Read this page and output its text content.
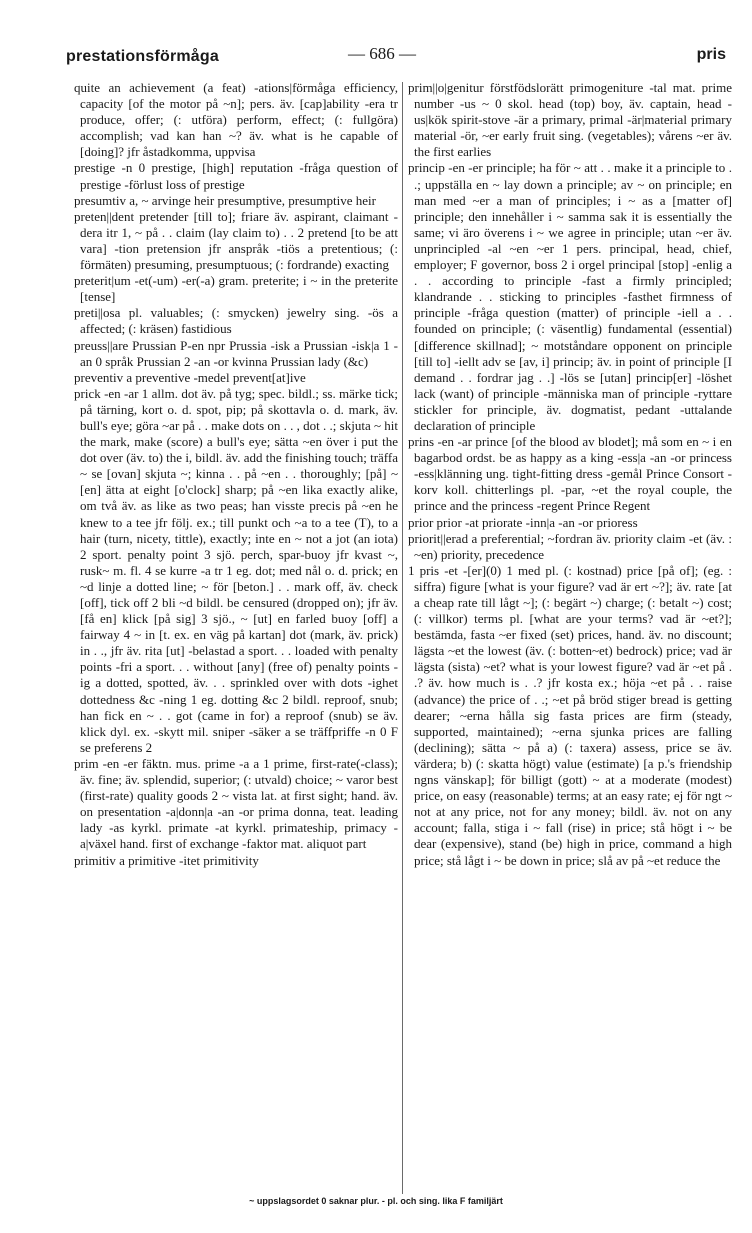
prestationsförmåga	— 686 —	pris

quite an achievement (a feat) -ations|förmåga efficiency, capacity [of the motor på ~n]; pers. äv. [cap]ability -era tr produce, offer; (: utföra) perform, effect; (: fullgöra) accomplish; vad kan han ~? äv. what is he capable of [doing]? jfr åstadkomma, uppvisa

prestige -n 0 prestige, [high] reputation -fråga question of prestige -förlust loss of prestige

presumtiv a, ~ arvinge heir presumptive, presumptive heir

preten||dent pretender [till to]; friare äv. aspirant, claimant -dera itr 1, ~ på . . claim (lay claim to) . . 2 pretend [to be att vara] -tion pretension jfr anspråk -tiös a pretentious; (: förmäten) presuming, presumptuous; (: fordrande) exacting

preterit|um -et(-um) -er(-a) gram. preterite; i ~ in the preterite [tense]

preti||osa pl. valuables; (: smycken) jewelry sing. -ös a affected; (: kräsen) fastidious

preuss||are Prussian P-en npr Prussia -isk a Prussian -isk|a 1 -an 0 språk Prussian 2 -an -or kvinna Prussian lady (&c)

preventiv a preventive -medel prevent[at]ive

prick -en -ar 1 allm. dot äv. på tyg; spec. bildl.; ss. märke tick; på tärning, kort o. d. spot, pip; på skottavla o. d. mark, äv. bull's eye; göra ~ar på . . make dots on . . , dot . .; skjuta ~ hit the mark, make (score) a bull's eye; sätta ~en över i put the dot over (äv. to) the i, bildl. äv. add the finishing touch; träffa ~ se [ovan] skjuta ~; kinna . . på ~en . . thoroughly; [på] ~[en] ätta at eight [o'clock] sharp; på ~en lika exactly alike, om två äv. as like as two peas; han visste precis på ~en he knew to a tee jfr följ. ex.; till punkt och ~a to a tee (T), to a hair (turn, nicety, tittle), exactly; inte en ~ not a jot (an iota) 2 sport. penalty point 3 sjö. perch, spar-buoy jfr kvast ~, rusk~ m. fl. 4 se kurre -a tr 1 eg. dot; med nål o. d. prick; en ~d linje a dotted line; ~ för [beton.] . . mark off, äv. check [off], tick off 2 bli ~d bildl. be censured (dropped on); jfr äv. [få en] klick [på sig] 3 sjö., ~ [ut] en farled buoy [off] a fairway 4 ~ in [t. ex. en väg på kartan] dot (mark, äv. prick) in . ., jfr äv. rita [ut] -belastad a sport. . . loaded with penalty points -fri a sport. . . without [any] (free of) penalty points -ig a dotted, spotted, äv. . . sprinkled over with dots -ighet dottedness &c -ning 1 eg. dotting &c 2 bildl. reproof, snub; han fick en ~ . . got (came in for) a reproof (snub) se äv. klick dyl. ex. -skytt mil. sniper -säker a se träffpriffe -n 0 F se preferens 2

prim -en -er fäktn. mus. prime -a a 1 prime, first-rate(-class); äv. fine; äv. splendid, superior; (: utvald) choice; ~ varor best (first-rate) quality goods 2 ~ vista lat. at first sight; hand. äv. on presentation -a|donn|a -an -or prima donna, teat. leading lady -as kyrkl. primate -at kyrkl. primateship, primacy -a|växel hand. first of exchange -faktor mat. aliquot part

primitiv a primitive -itet primitivity

prim||o|genitur förstfödslorätt primogeniture -tal mat. prime number -us ~ 0 skol. head (top) boy, äv. captain, head -us|kök spirit-stove -är a primary, primal -är|material primary material -ör, ~er early fruit sing. (vegetables); vårens ~er äv. the first earlies

princip -en -er principle; ha för ~ att . . make it a principle to . .; uppställa en ~ lay down a principle; av ~ on principle; en man med ~er a man of principles; i ~ as a [matter of] principle; den innehåller i ~ samma sak it is essentially the same; vi äro överens i ~ we agree in principle; utan ~er äv. unprincipled -al ~en ~er 1 pers. principal, head, chief, employer; F governor, boss 2 i orgel principal [stop] -enlig a . . according to principle -fast a firmly principled; klandrande . . sticking to principles -fasthet firmness of principle -fråga question (matter) of principle -iell a . . founded on principle; (: väsentlig) fundamental (essential) [difference skillnad]; ~ motståndare opponent on principle [till to] -iellt adv se [av, i] princip; äv. in point of principle [I demand . . fordrar jag . .] -lös se [utan] princip[er] -löshet lack (want) of principle -människa man of principle -ryttare stickler for principle, äv. dogmatist, pedant -uttalande declaration of principle

prins -en -ar prince [of the blood av blodet]; må som en ~ i en bagarbod ordst. be as happy as a king -ess|a -an -or princess -ess|klänning ung. tight-fitting dress -gemål Prince Consort -korv koll. chitterlings pl. -par, ~et the royal couple, the prince and the princess -regent Prince Regent

prior prior -at priorate -inn|a -an -or prioress

priorit||erad a preferential; ~fordran äv. priority claim -et (äv. : ~en) priority, precedence

1 pris -et -[er](0) 1 med pl. (: kostnad) price [på of]; (eg. : siffra) figure [what is your figure? vad är ert ~?]; äv. rate [at a cheap rate till lågt ~]; (: begärt ~) charge; (: betalt ~) cost; (: villkor) terms pl. [what are your terms? vad är ~et?]; bestämda, fasta ~er fixed (set) prices, hand. äv. no discount; lägsta ~et the lowest (äv. (: botten~et) bedrock) price; vad är lägsta (sista) ~et? what is your lowest figure? vad är ~et på . .? äv. how much is . .? jfr kosta ex.; höja ~et på . . raise (advance) the price of . .; ~et på bröd stiger bread is getting dearer; ~erna hålla sig fasta prices are firm (steady, supported, maintained); ~erna sjunka prices are falling (declining); sätta ~ på a) (: taxera) assess, price se äv. värdera; b) (: skatta högt) value (estimate) [a p.'s friendship ngns vänskap]; för billigt (gott) ~ at a moderate (modest) price, on easy (reasonable) terms; at an easy rate; ej för ngt ~ not at any price, not for any money; bildl. äv. not on any account; falla, stiga i ~ fall (rise) in price; stå högt i ~ be dear (expensive), stand (be) high in price, command a high price; stå lågt i ~ be down in price; slå av på ~et reduce the

~ uppslagsordet 0 saknar plur. - pl. och sing. lika F familjärt
